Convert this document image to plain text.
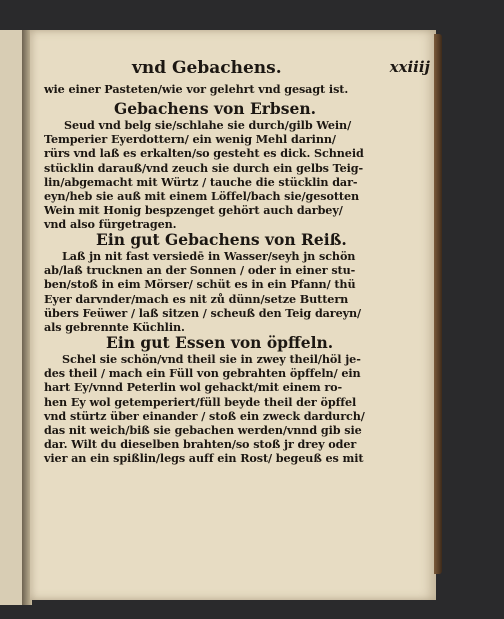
vnd Gebachens.	xxiiij
wie einer Pasteten/wie vor gelehrt vnd gesagt ist.
Gebachens von Erbsen.
Seud vnd belg sie/schlahe sie durch/gilb Wein/
Temperier Eyerdottern/ ein wenig Mehl darinn/
rürs vnd laß es erkalten/so gesteht es dick. Schneid
stücklin darauß/vnd zeuch sie durch ein gelbs Teig-
lin/abgemacht mit Würtz / tauche die stücklin dar-
eyn/heb sie auß mit einem Löffel/bach sie/gesotten
Wein mit Honig bespzenget gehört auch darbey/
vnd also fürgetragen.
Ein gut Gebachens von Reiß.
Laß jn nit fast versiedē in Wasser/seyh jn schön
ab/laß trucknen an der Sonnen / oder in einer stu-
ben/stoß in eim Mörser/ schüt es in ein Pfann/ thü
Eyer darvnder/mach es nit zů dünn/setze Buttern
übers Feüwer / laß sitzen / scheuß den Teig dareyn/
als gebrennte Küchlin.
Ein gut Essen von öpffeln.
Schel sie schön/vnd theil sie in zwey theil/höl je-
des theil / mach ein Füll von gebrahten öpffeln/ ein
hart Ey/vnnd Peterlin wol gehackt/mit einem ro-
hen Ey wol getemperiert/füll beyde theil der öpffel
vnd stürtz über einander / stoß ein zweck dardurch/
das nit weich/biß sie gebachen werden/vnnd gib sie
dar. Wilt du dieselben brahten/so stoß jr drey oder
vier an ein spißlin/legs auff ein Rost/ begeuß es mit
